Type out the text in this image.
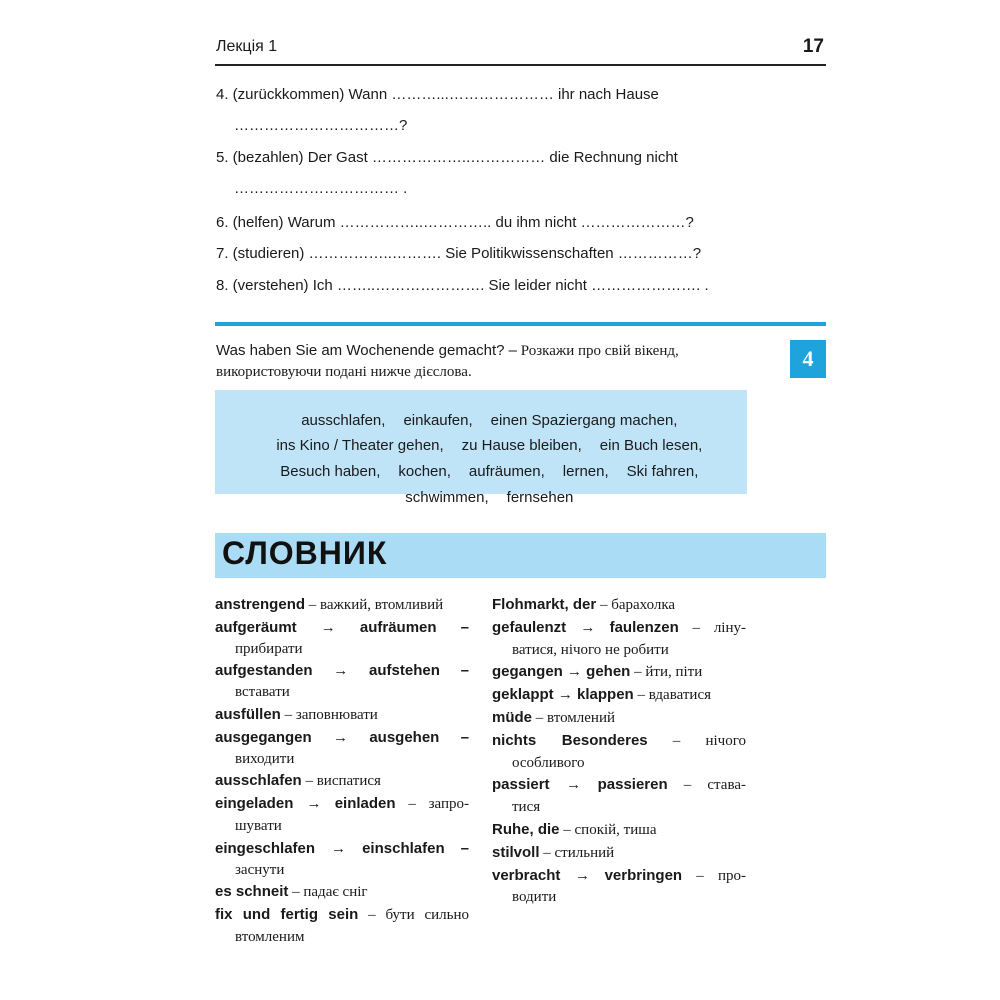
Лекція 1	17
4. (zurückkommen) Wann ………...………………… ihr nach Hause
……………………………?
5. (bezahlen) Der Gast ………………..…………… die Rechnung nicht
…………………………… .
6. (helfen) Warum ……………..………….. du ihm nicht …………………?
7. (studieren) ……………..………. Sie Politikwissenschaften ……………?
8. (verstehen) Ich ……..…………………. Sie leider nicht …………………. .
4
Was haben Sie am Wochenende gemacht? – Розкажи про свій вікенд,
використовуючи подані нижче дієслова.

ausschlafen, einkaufen, einen Spaziergang machen,

ins Kino / Theater gehen, zu Hause bleiben, ein Buch lesen,

Besuch haben, kochen, aufräumen, lernen, Ski fahren,

schwimmen, fernsehen

СЛОВНИК
anstrengend – важкий, втомливий
aufgeräumt → aufräumen –
прибирати
aufgestanden → aufstehen –
вставати
ausfüllen – заповнювати
ausgegangen → ausgehen –
виходити
ausschlafen – виспатися
eingeladen → einladen – запро-
шувати
eingeschlafen → einschlafen –
заснути
es schneit – падає сніг
fix und fertig sein – бути сильно
втомленим
Flohmarkt, der – барахолка
gefaulenzt → faulenzen – ліну-
ватися, нічого не робити
gegangen → gehen – йти, піти
geklappt → klappen – вдаватися
müde – втомлений
nichts Besonderes – нічого
особливого
passiert → passieren – става-
тися
Ruhe, die – спокій, тиша
stilvoll – стильний
verbracht → verbringen – про-
водити
